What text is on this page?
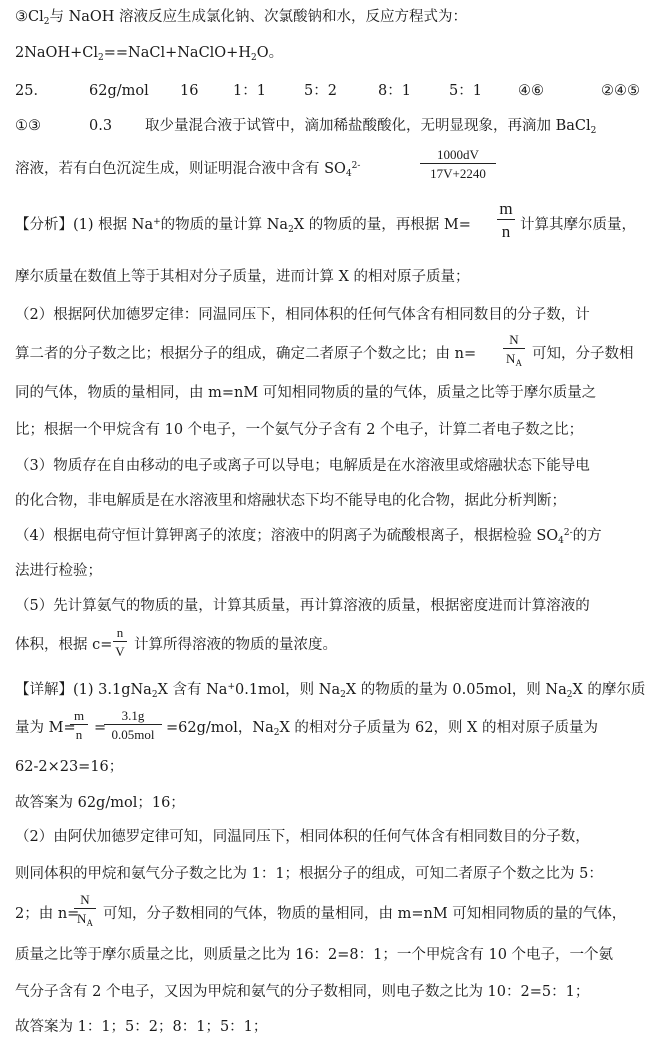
$③Cl_2$与 NaOH 溶液反应生成氯化钠、次氯酸钠和水，反应方程式为：
$2NaOH+Cl_2==NaCl+NaClO+H_2O$。
25．	62g/mol 16 1：1	5：2	8：1	5：1 ④⑥	②④⑤
①③	0.3 取少量混合液于试管中，滴加稀盐酸酸化，无明显现象，再滴加 BaCl$_2$
溶液，若有白色沉淀生成，则证明混合液中含有 $SO_4^{2-}$	$\frac{1000dV}{17V+2240}$
【分析】(1) 根据 Na+的物质的量计算 $Na_2X$ 的物质的量，再根据 M=	$\frac{m}{n}$ 计算其摩尔质量，
摩尔质量在数值上等于其相对分子质量，进而计算 X 的相对原子质量；
（2）根据阿伏加德罗定律：同温同压下，相同体积的任何气体含有相同数目的分子数，计
算二者的分子数之比；根据分子的组成，确定二者原子个数之比；由 n=	$\frac{N}{N_A}$ 可知，分子数相
同的气体，物质的量相同，由 m=nM 可知相同物质的量的气体，质量之比等于摩尔质量之
比；根据一个甲烷含有 10 个电子，一个氨气分子含有 2 个电子，计算二者电子数之比；
（3）物质存在自由移动的电子或离子可以导电；电解质是在水溶液里或熔融状态下能导电
的化合物，非电解质是在水溶液里和熔融状态下均不能导电的化合物，据此分析判断；
（4）根据电荷守恒计算钾离子的浓度；溶液中的阴离子为硫酸根离子，根据检验 $SO_4^{2-}$的方
法进行检验；
（5）先计算氨气的物质的量，计算其质量，再计算溶液的质量，根据密度进而计算溶液的
体积，根据 $c= \frac{n}{V}$ 计算所得溶液的物质的量浓度。
【详解】(1) 3.1gNa$_2$X 含有 Na+0.1mol，则 $Na_2X$ 的物质的量为 0.05mol，则 $Na_2X$ 的摩尔质
量为 M=
$\frac{m}{n}$ =
3.1g
0.05mol =62g/mol，$Na_2X$ 的相对分子质量为 62，则 X 的相对原子质量为
62-2×23=16；
故答案为 62g/mol；16；
（2）由阿伏加德罗定律可知，同温同压下，相同体积的任何气体含有相同数目的分子数，
则同体积的甲烷和氨气分子数之比为 1：1；根据分子的组成，可知二者原子个数之比为 5：
2；由 n=
$\frac{N}{N_A}$ 可知，分子数相同的气体，物质的量相同，由 m=nM 可知相同物质的量的气体，
质量之比等于摩尔质量之比，则质量之比为 16：2=8：1；一个甲烷含有 10 个电子，一个氨
气分子含有 2 个电子，又因为甲烷和氨气的分子数相同，则电子数之比为 10：2=5：1；
故答案为 1：1；5：2；8：1；5：1；
